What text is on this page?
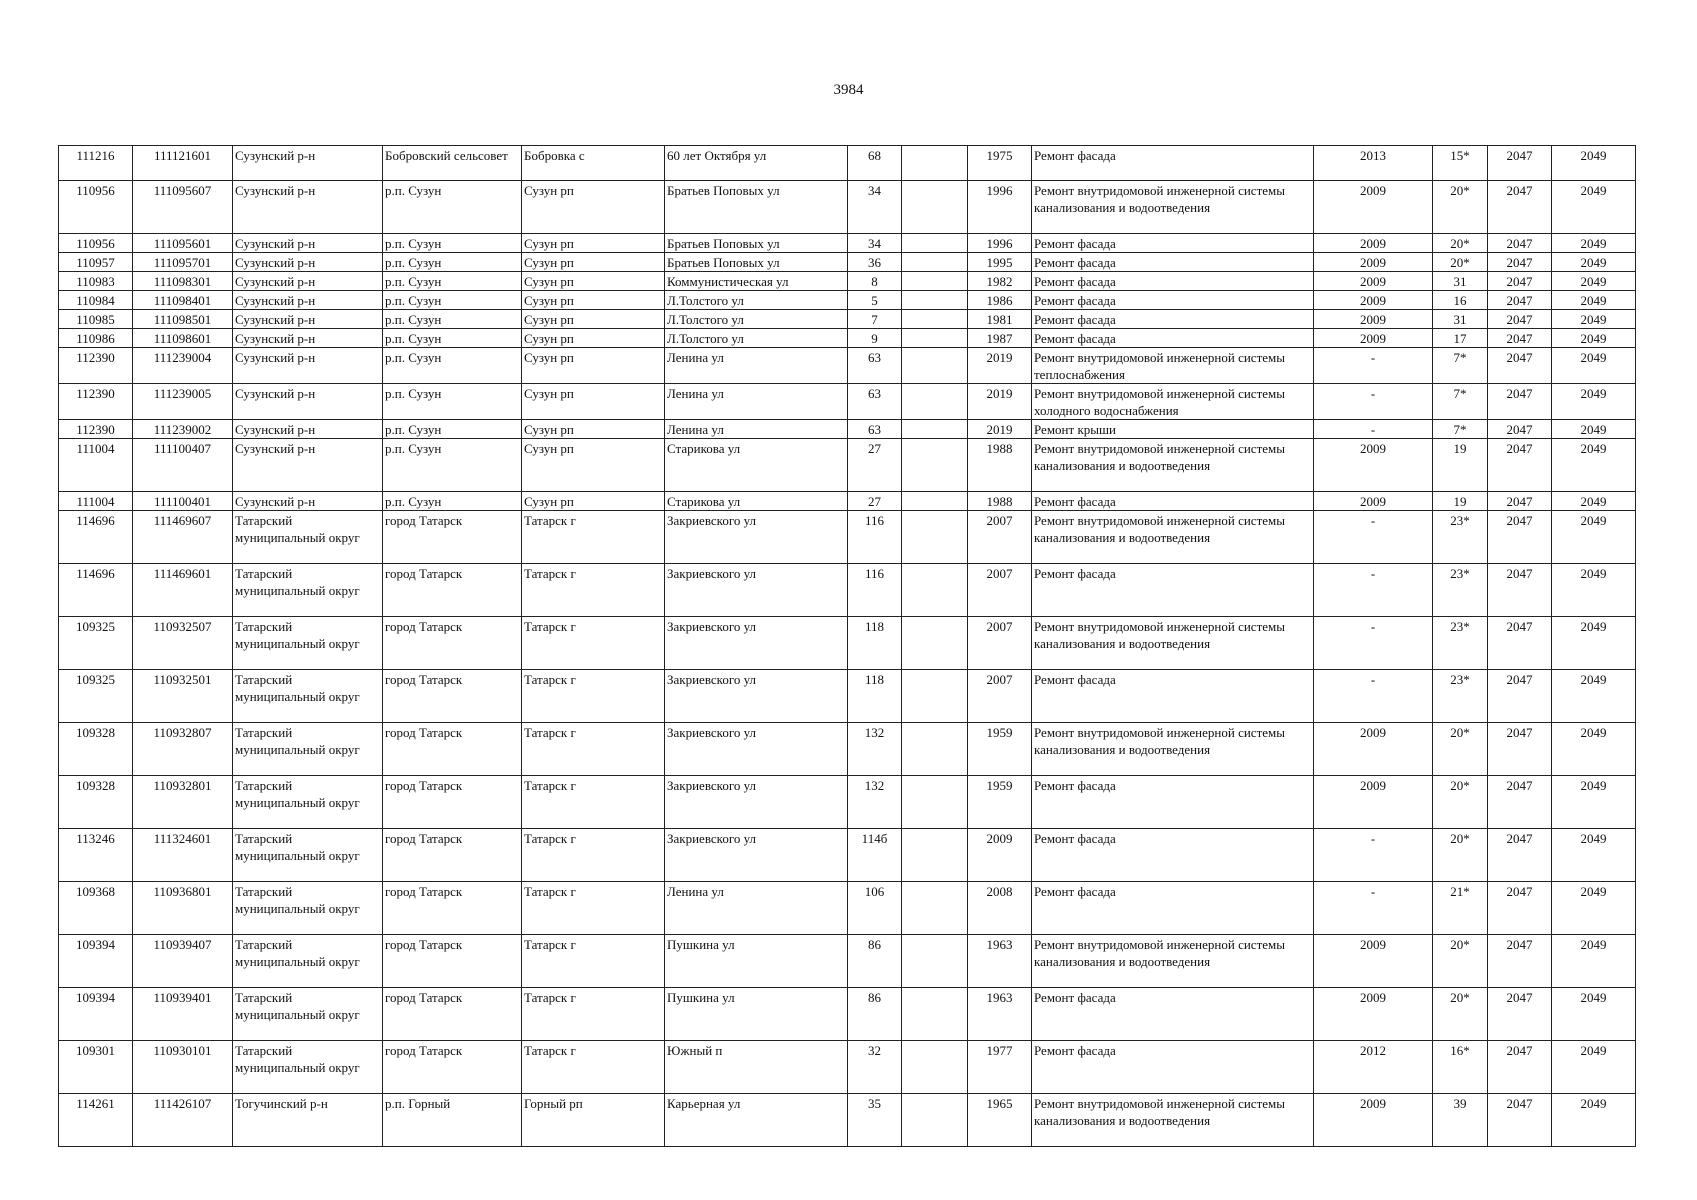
3984
111216	111121601	Сузунский р-н	Бобровский сельсовет	Бобровка с	60 лет Октября ул	68		1975	Ремонт фасада	2013	15*	2047	2049
110956	111095607	Сузунский р-н	р.п. Сузун	Сузун рп	Братьев Поповых ул	34		1996	Ремонт внутридомовой инженерной системы канализования и водоотведения	2009	20*	2047	2049
110956	111095601	Сузунский р-н	р.п. Сузун	Сузун рп	Братьев Поповых ул	34		1996	Ремонт фасада	2009	20*	2047	2049
110957	111095701	Сузунский р-н	р.п. Сузун	Сузун рп	Братьев Поповых ул	36		1995	Ремонт фасада	2009	20*	2047	2049
110983	111098301	Сузунский р-н	р.п. Сузун	Сузун рп	Коммунистическая ул	8		1982	Ремонт фасада	2009	31	2047	2049
110984	111098401	Сузунский р-н	р.п. Сузун	Сузун рп	Л.Толстого ул	5		1986	Ремонт фасада	2009	16	2047	2049
110985	111098501	Сузунский р-н	р.п. Сузун	Сузун рп	Л.Толстого ул	7		1981	Ремонт фасада	2009	31	2047	2049
110986	111098601	Сузунский р-н	р.п. Сузун	Сузун рп	Л.Толстого ул	9		1987	Ремонт фасада	2009	17	2047	2049
112390	111239004	Сузунский р-н	р.п. Сузун	Сузун рп	Ленина ул	63		2019	Ремонт внутридомовой инженерной системы теплоснабжения	-	7*	2047	2049
112390	111239005	Сузунский р-н	р.п. Сузун	Сузун рп	Ленина ул	63		2019	Ремонт внутридомовой инженерной системы холодного водоснабжения	-	7*	2047	2049
112390	111239002	Сузунский р-н	р.п. Сузун	Сузун рп	Ленина ул	63		2019	Ремонт крыши	-	7*	2047	2049
111004	111100407	Сузунский р-н	р.п. Сузун	Сузун рп	Старикова ул	27		1988	Ремонт внутридомовой инженерной системы канализования и водоотведения	2009	19	2047	2049
111004	111100401	Сузунский р-н	р.п. Сузун	Сузун рп	Старикова ул	27		1988	Ремонт фасада	2009	19	2047	2049
114696	111469607	Татарский муниципальный округ	город Татарск	Татарск г	Закриевского ул	116		2007	Ремонт внутридомовой инженерной системы канализования и водоотведения	-	23*	2047	2049
114696	111469601	Татарский муниципальный округ	город Татарск	Татарск г	Закриевского ул	116		2007	Ремонт фасада	-	23*	2047	2049
109325	110932507	Татарский муниципальный округ	город Татарск	Татарск г	Закриевского ул	118		2007	Ремонт внутридомовой инженерной системы канализования и водоотведения	-	23*	2047	2049
109325	110932501	Татарский муниципальный округ	город Татарск	Татарск г	Закриевского ул	118		2007	Ремонт фасада	-	23*	2047	2049
109328	110932807	Татарский муниципальный округ	город Татарск	Татарск г	Закриевского ул	132		1959	Ремонт внутридомовой инженерной системы канализования и водоотведения	2009	20*	2047	2049
109328	110932801	Татарский муниципальный округ	город Татарск	Татарск г	Закриевского ул	132		1959	Ремонт фасада	2009	20*	2047	2049
113246	111324601	Татарский муниципальный округ	город Татарск	Татарск г	Закриевского ул	114б		2009	Ремонт фасада	-	20*	2047	2049
109368	110936801	Татарский муниципальный округ	город Татарск	Татарск г	Ленина ул	106		2008	Ремонт фасада	-	21*	2047	2049
109394	110939407	Татарский муниципальный округ	город Татарск	Татарск г	Пушкина ул	86		1963	Ремонт внутридомовой инженерной системы канализования и водоотведения	2009	20*	2047	2049
109394	110939401	Татарский муниципальный округ	город Татарск	Татарск г	Пушкина ул	86		1963	Ремонт фасада	2009	20*	2047	2049
109301	110930101	Татарский муниципальный округ	город Татарск	Татарск г	Южный п	32		1977	Ремонт фасада	2012	16*	2047	2049
114261	111426107	Тогучинский р-н	р.п. Горный	Горный рп	Карьерная ул	35		1965	Ремонт внутридомовой инженерной системы канализования и водоотведения	2009	39	2047	2049
